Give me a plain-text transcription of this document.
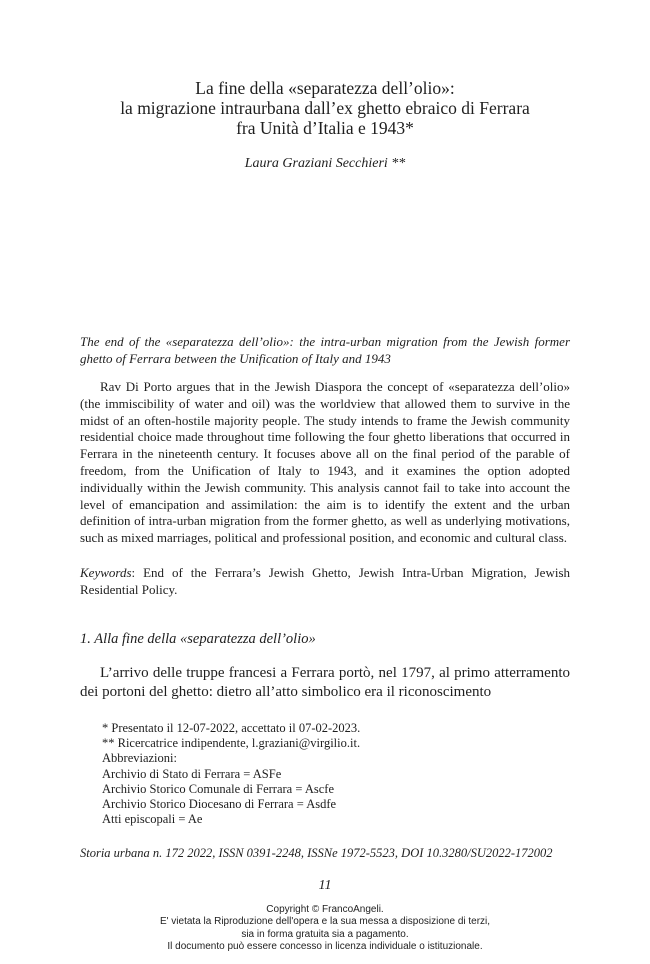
La fine della «separatezza dell’olio»:
la migrazione intraurbana dall’ex ghetto ebraico di Ferrara
fra Unità d’Italia e 1943*
Laura Graziani Secchieri **
The end of the «separatezza dell’olio»: the intra-urban migration from the Jewish former ghetto of Ferrara between the Unification of Italy and 1943
Rav Di Porto argues that in the Jewish Diaspora the concept of «separatezza dell’olio» (the immiscibility of water and oil) was the worldview that allowed them to survive in the midst of an often-hostile majority people. The study intends to frame the Jewish community residential choice made throughout time following the four ghetto liberations that occurred in Ferrara in the nineteenth century. It focuses above all on the final period of the parable of freedom, from the Unification of Italy to 1943, and it examines the option adopted individually within the Jewish community. This analysis cannot fail to take into account the level of emancipation and assimilation: the aim is to identify the extent and the urban definition of intra-urban migration from the former ghetto, as well as underlying motivations, such as mixed marriages, political and professional position, and economic and cultural class.
Keywords: End of the Ferrara’s Jewish Ghetto, Jewish Intra-Urban Migration, Jewish Residential Policy.
1. Alla fine della «separatezza dell’olio»
L’arrivo delle truppe francesi a Ferrara portò, nel 1797, al primo atterramento dei portoni del ghetto: dietro all’atto simbolico era il riconoscimento
* Presentato il 12-07-2022, accettato il 07-02-2023.
** Ricercatrice indipendente, l.graziani@virgilio.it.
Abbreviazioni:
Archivio di Stato di Ferrara = ASFe
Archivio Storico Comunale di Ferrara = Ascfe
Archivio Storico Diocesano di Ferrara = Asdfe
Atti episcopali = Ae
Storia urbana n. 172 2022, ISSN 0391-2248, ISSNe 1972-5523, DOI 10.3280/SU2022-172002
11
Copyright © FrancoAngeli.
E' vietata la Riproduzione dell'opera e la sua messa a disposizione di terzi,
sia in forma gratuita sia a pagamento.
Il documento può essere concesso in licenza individuale o istituzionale.
